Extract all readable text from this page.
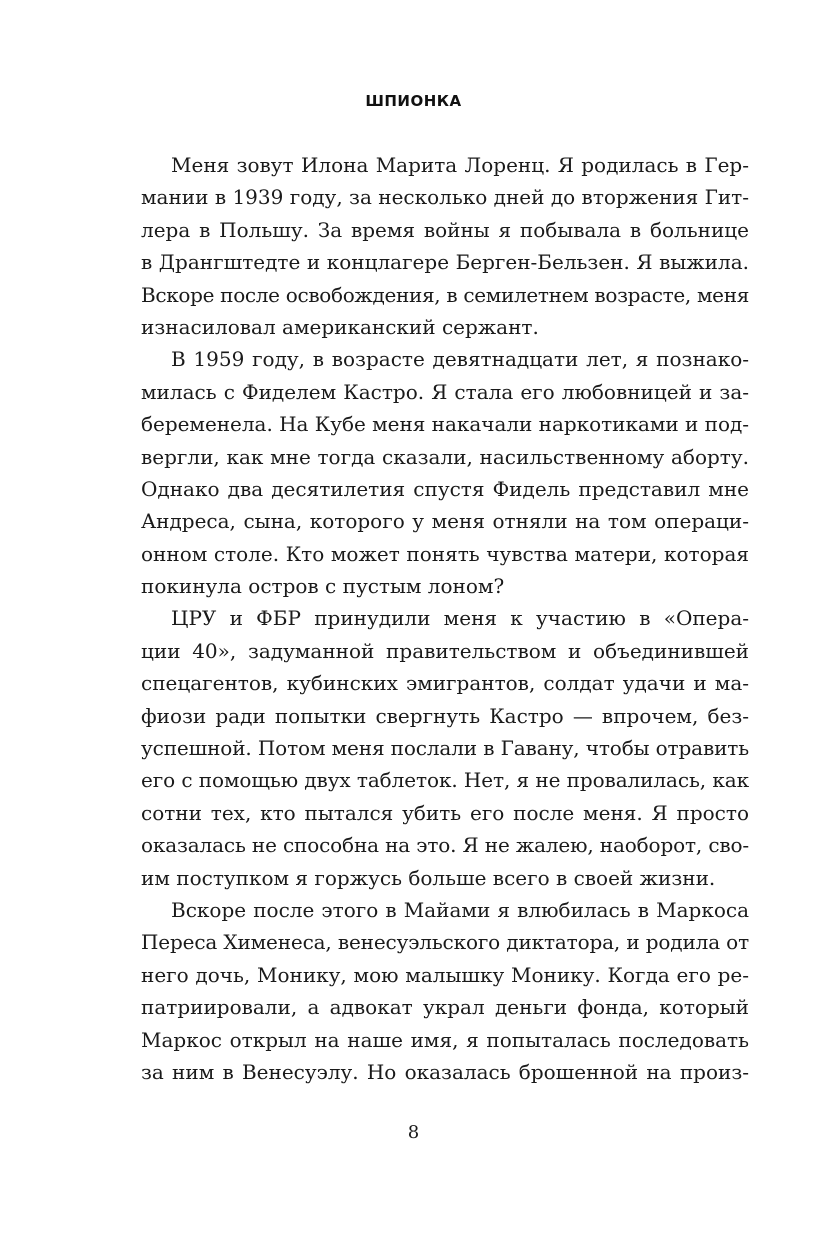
ШПИОНКА
Меня зовут Илона Марита Лоренц. Я родилась в Гер-
мании в 1939 году, за несколько дней до вторжения Гит-
лера в Польшу. За время войны я побывала в больнице
в Дрангштедте и концлагере Берген-Бельзен. Я выжила.
Вскоре после освобождения, в семилетнем возрасте, меня
изнасиловал американский сержант.
В 1959 году, в возрасте девятнадцати лет, я познако-
милась с Фиделем Кастро. Я стала его любовницей и за-
беременела. На Кубе меня накачали наркотиками и под-
вергли, как мне тогда сказали, насильственному аборту.
Однако два десятилетия спустя Фидель представил мне
Андреса, сына, которого у меня отняли на том операци-
онном столе. Кто может понять чувства матери, которая
покинула остров с пустым лоном?
ЦРУ и ФБР принудили меня к участию в «Опера-
ции 40», задуманной правительством и объединившей
спецагентов, кубинских эмигрантов, солдат удачи и ма-
фиози ради попытки свергнуть Кастро — впрочем, без-
успешной. Потом меня послали в Гавану, чтобы отравить
его с помощью двух таблеток. Нет, я не провалилась, как
сотни тех, кто пытался убить его после меня. Я просто
оказалась не способна на это. Я не жалею, наоборот, сво-
им поступком я горжусь больше всего в своей жизни.
Вскоре после этого в Майами я влюбилась в Маркоса
Переса Хименеса, венесуэльского диктатора, и родила от
него дочь, Монику, мою малышку Монику. Когда его ре-
патриировали, а адвокат украл деньги фонда, который
Маркос открыл на наше имя, я попыталась последовать
за ним в Венесуэлу. Но оказалась брошенной на произ-
8
